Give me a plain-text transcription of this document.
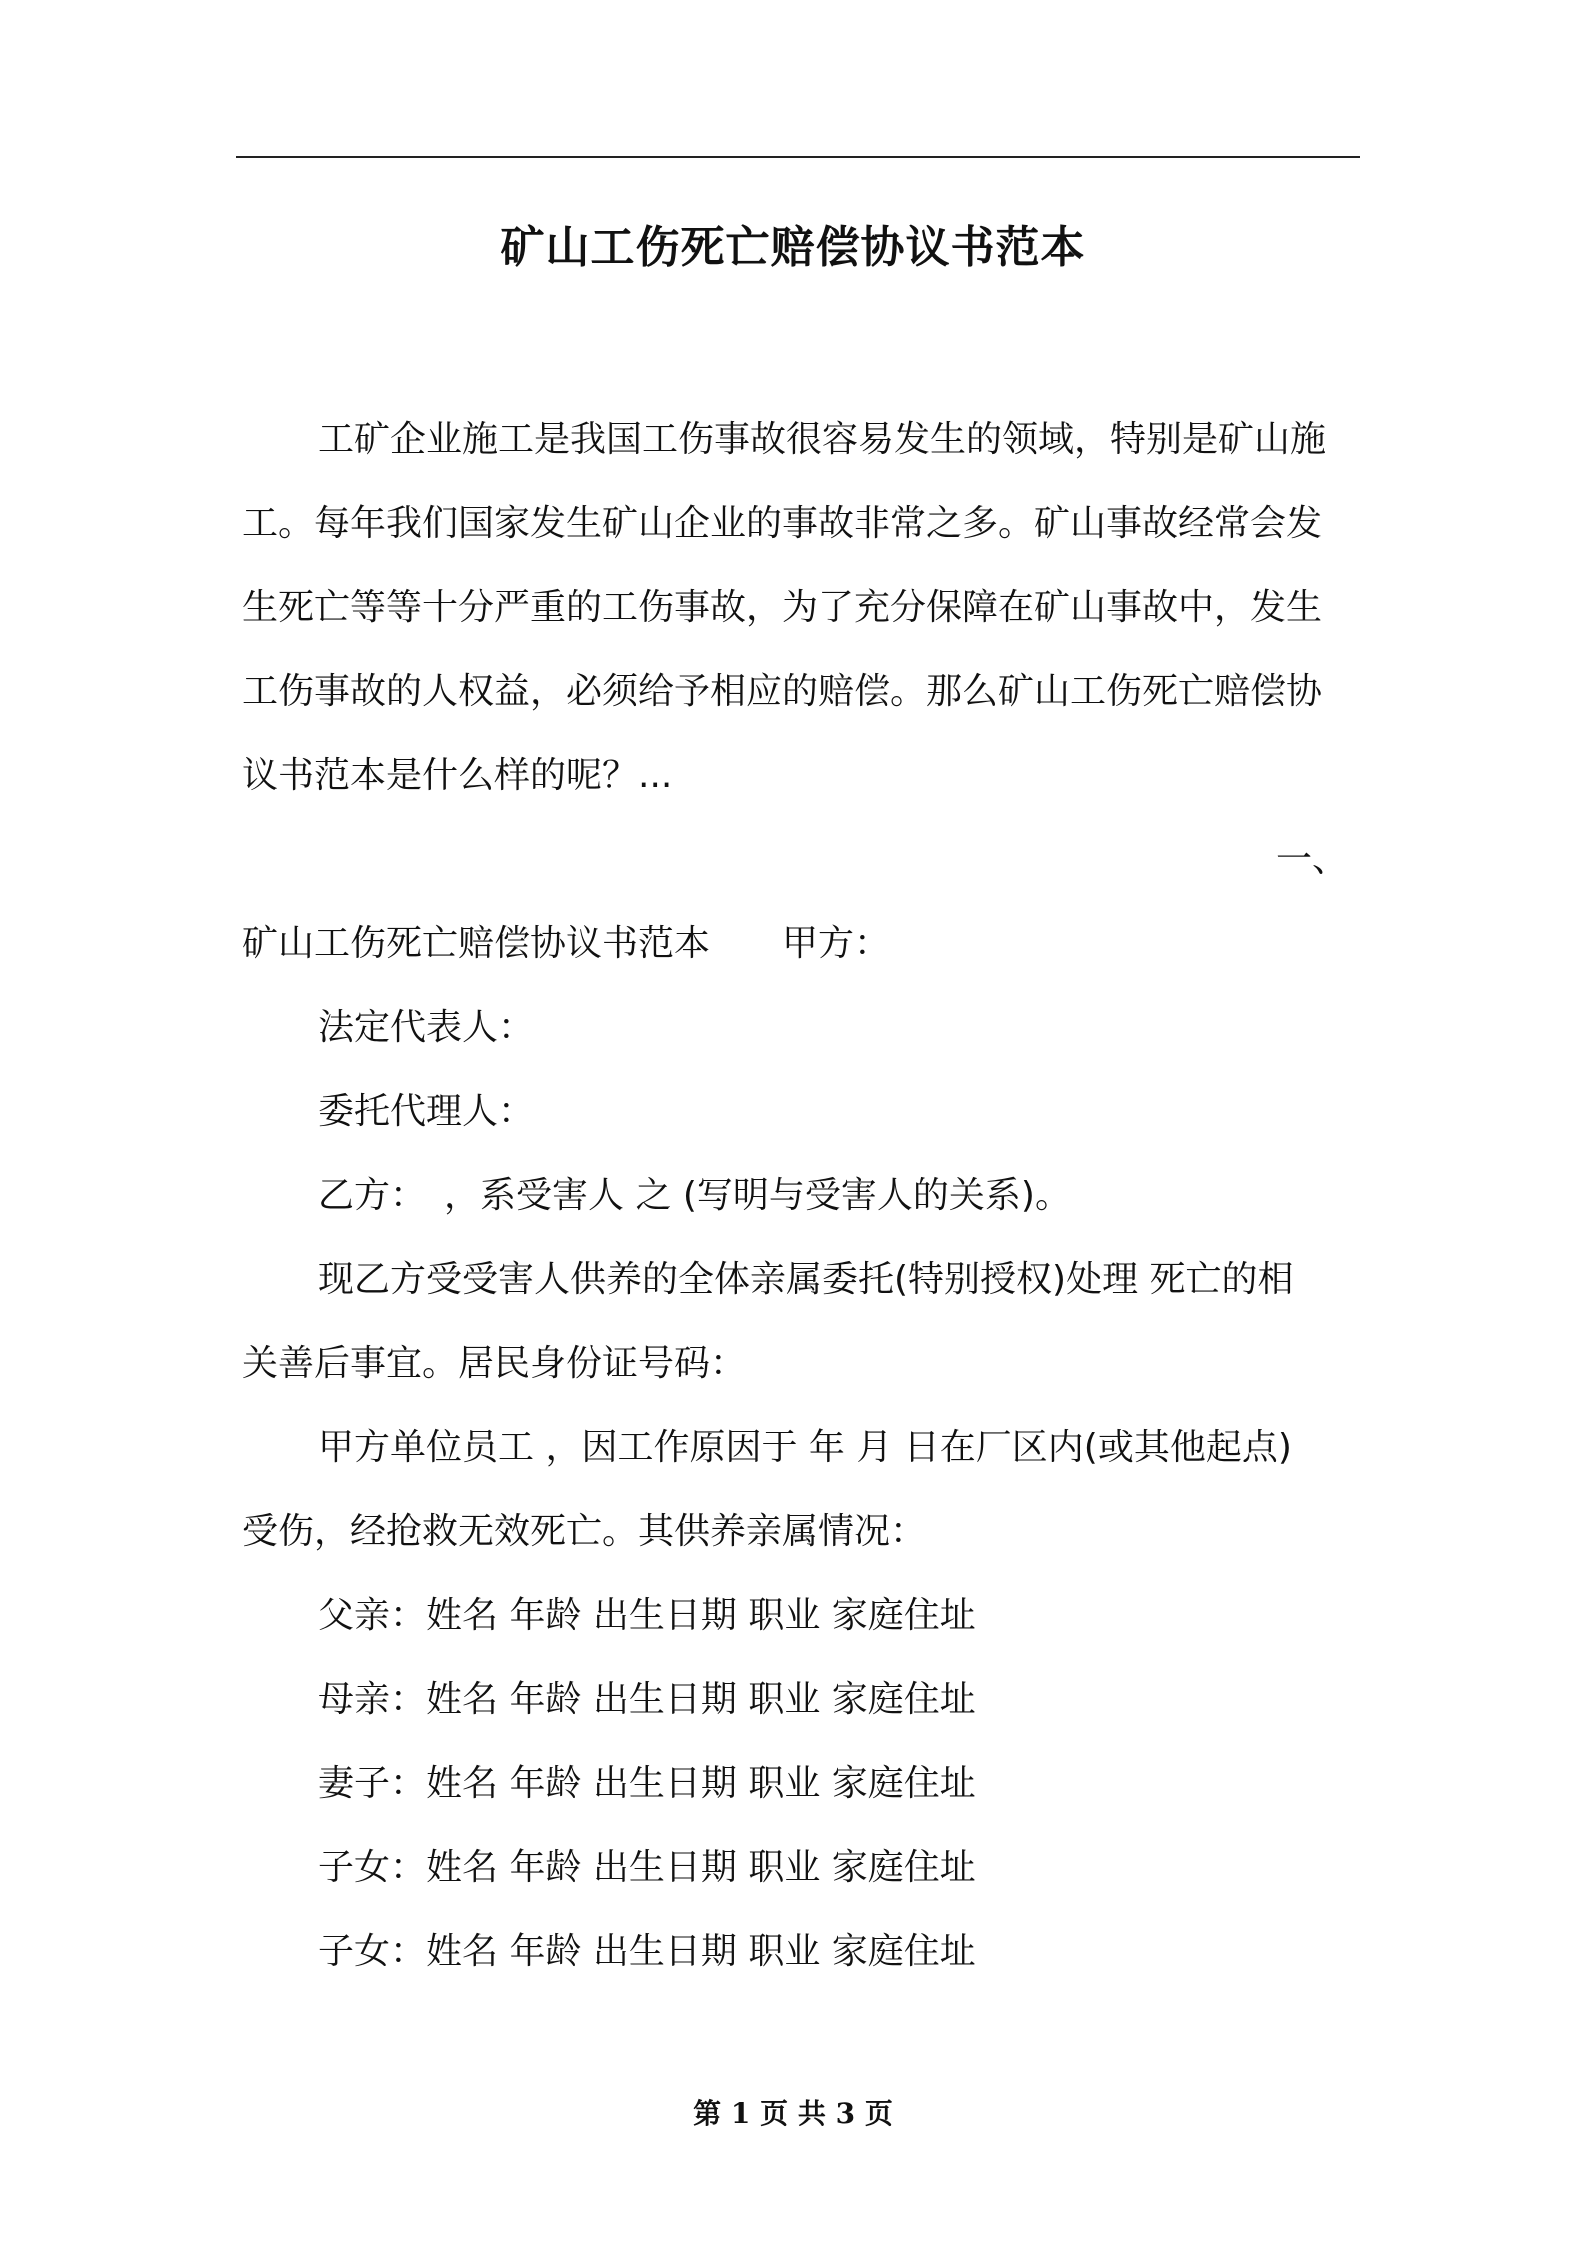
矿山工伤死亡赔偿协议书范本
工矿企业施工是我国工伤事故很容易发生的领域，特别是矿山施
工。每年我们国家发生矿山企业的事故非常之多。矿山事故经常会发
生死亡等等十分严重的工伤事故，为了充分保障在矿山事故中，发生
工伤事故的人权益，必须给予相应的赔偿。那么矿山工伤死亡赔偿协
议书范本是什么样的呢？...
一、
矿山工伤死亡赔偿协议书范本　　甲方：
法定代表人：
委托代理人：
乙方：　，系受害人 之 (写明与受害人的关系)。
现乙方受受害人供养的全体亲属委托(特别授权)处理 死亡的相
关善后事宜。居民身份证号码：
甲方单位员工 ，因工作原因于 年 月 日在厂区内(或其他起点)
受伤，经抢救无效死亡。其供养亲属情况：
父亲：姓名 年龄 出生日期 职业 家庭住址
母亲：姓名 年龄 出生日期 职业 家庭住址
妻子：姓名 年龄 出生日期 职业 家庭住址
子女：姓名 年龄 出生日期 职业 家庭住址
子女：姓名 年龄 出生日期 职业 家庭住址
第 1 页 共 3 页
